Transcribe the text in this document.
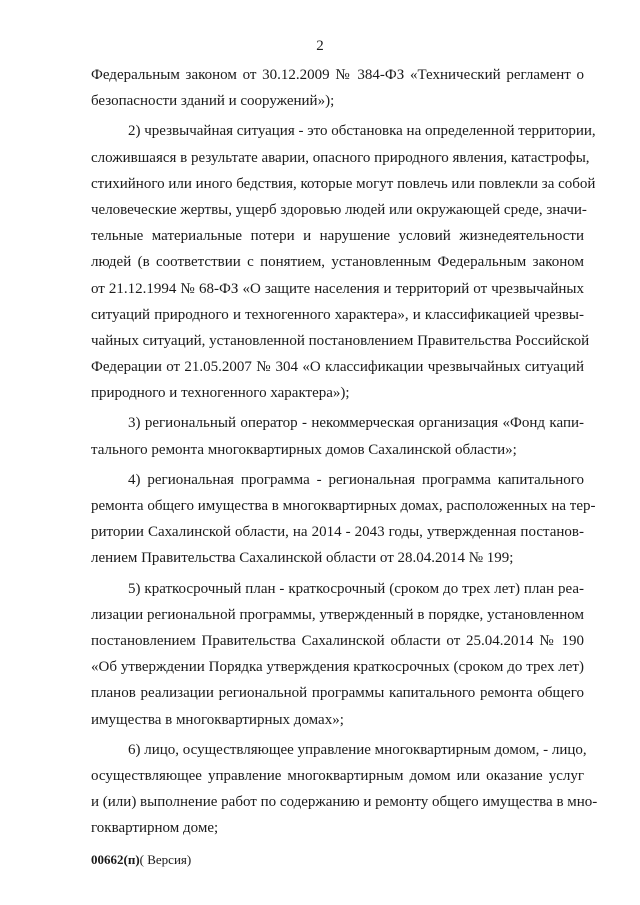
2
Федеральным законом от 30.12.2009 № 384-ФЗ «Технический регламент о
безопасности зданий и сооружений»);
2) чрезвычайная ситуация - это обстановка на определенной территории,
сложившаяся в результате аварии, опасного природного явления, катастрофы,
стихийного или иного бедствия, которые могут повлечь или повлекли за собой
человеческие жертвы, ущерб здоровью людей или окружающей среде, значи-
тельные материальные потери и нарушение условий жизнедеятельности
людей (в соответствии с понятием, установленным Федеральным законом
от 21.12.1994 № 68-ФЗ «О защите населения и территорий от чрезвычайных
ситуаций природного и техногенного характера», и классификацией чрезвы-
чайных ситуаций, установленной постановлением Правительства Российской
Федерации от 21.05.2007 № 304 «О классификации чрезвычайных ситуаций
природного и техногенного характера»);
3) региональный оператор - некоммерческая организация «Фонд капи-
тального ремонта многоквартирных домов Сахалинской области»;
4) региональная программа - региональная программа капитального
ремонта общего имущества в многоквартирных домах, расположенных на тер-
ритории Сахалинской области, на 2014 - 2043 годы, утвержденная постанов-
лением Правительства Сахалинской области от 28.04.2014 № 199;
5) краткосрочный план - краткосрочный (сроком до трех лет) план реа-
лизации региональной программы, утвержденный в порядке, установленном
постановлением Правительства Сахалинской области от 25.04.2014 № 190
«Об утверждении Порядка утверждения краткосрочных (сроком до трех лет)
планов реализации региональной программы капитального ремонта общего
имущества в многоквартирных домах»;
6) лицо, осуществляющее управление многоквартирным домом, - лицо,
осуществляющее управление многоквартирным домом или оказание услуг
и (или) выполнение работ по содержанию и ремонту общего имущества в мно-
гоквартирном доме;
00662(п)( Версия)
